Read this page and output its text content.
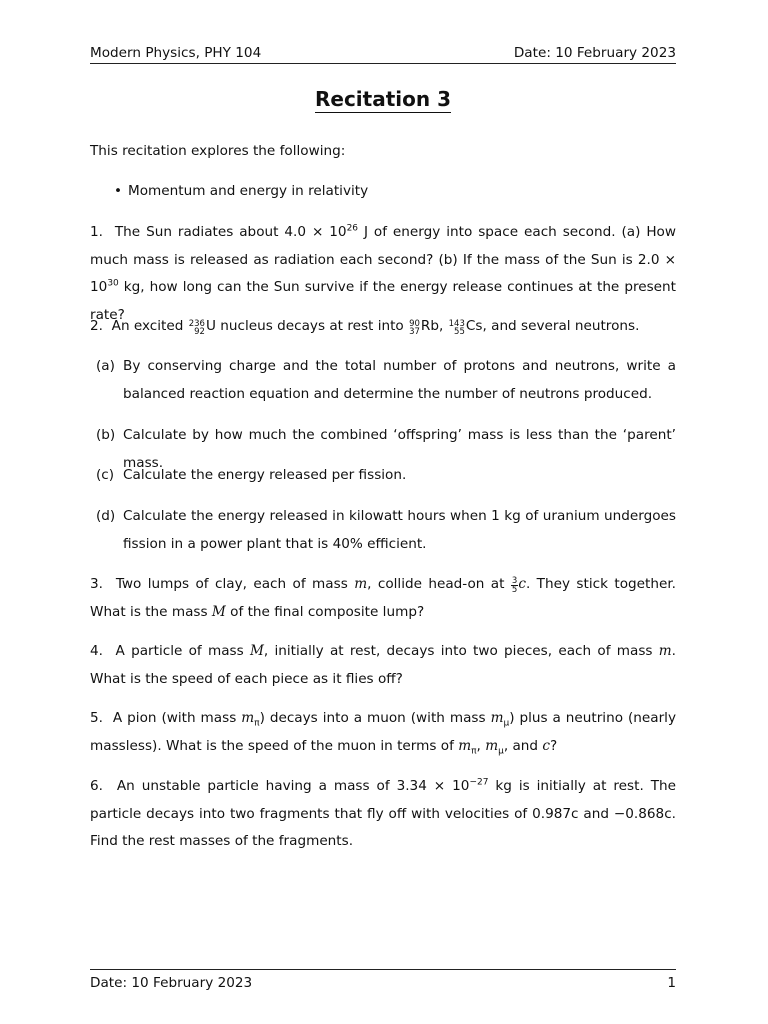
Modern Physics, PHY 104	Date: 10 February 2023
Recitation 3
This recitation explores the following:
• Momentum and energy in relativity
1. The Sun radiates about $4.0 \times 10^{26}$ J of energy into space each second. (a) How much mass is released as radiation each second? (b) If the mass of the Sun is $2.0 \times 10^{30}$ kg, how long can the Sun survive if the energy release continues at the present rate?
2. An excited 236
92 U nucleus decays at rest into 90
37 Rb, 143
55 Cs, and several neutrons.
(a) By conserving charge and the total number of protons and neutrons, write a balanced reaction equation and determine the number of neutrons produced.
(b) Calculate by how much the combined ‘offspring’ mass is less than the ‘parent’ mass.
(c) Calculate the energy released per fission.
(d) Calculate the energy released in kilowatt hours when 1 kg of uranium undergoes fission in a power plant that is 40% efficient.
3. Two lumps of clay, each of mass m, collide head-on at $\frac{3}{5} c$. They stick together. What is the mass M of the final composite lump?
4. A particle of mass M, initially at rest, decays into two pieces, each of mass m. What is the speed of each piece as it flies off?
5. A pion (with mass $m_\pi$) decays into a muon (with mass $m_\mu$) plus a neutrino (nearly massless). What is the speed of the muon in terms of $m_\pi$, $m_\mu$, and c?
6. An unstable particle having a mass of $3.34 \times 10^{-27}$ kg is initially at rest. The particle decays into two fragments that fly off with velocities of 0.987c and −0.868c. Find the rest masses of the fragments.
Date: 10 February 2023	1
